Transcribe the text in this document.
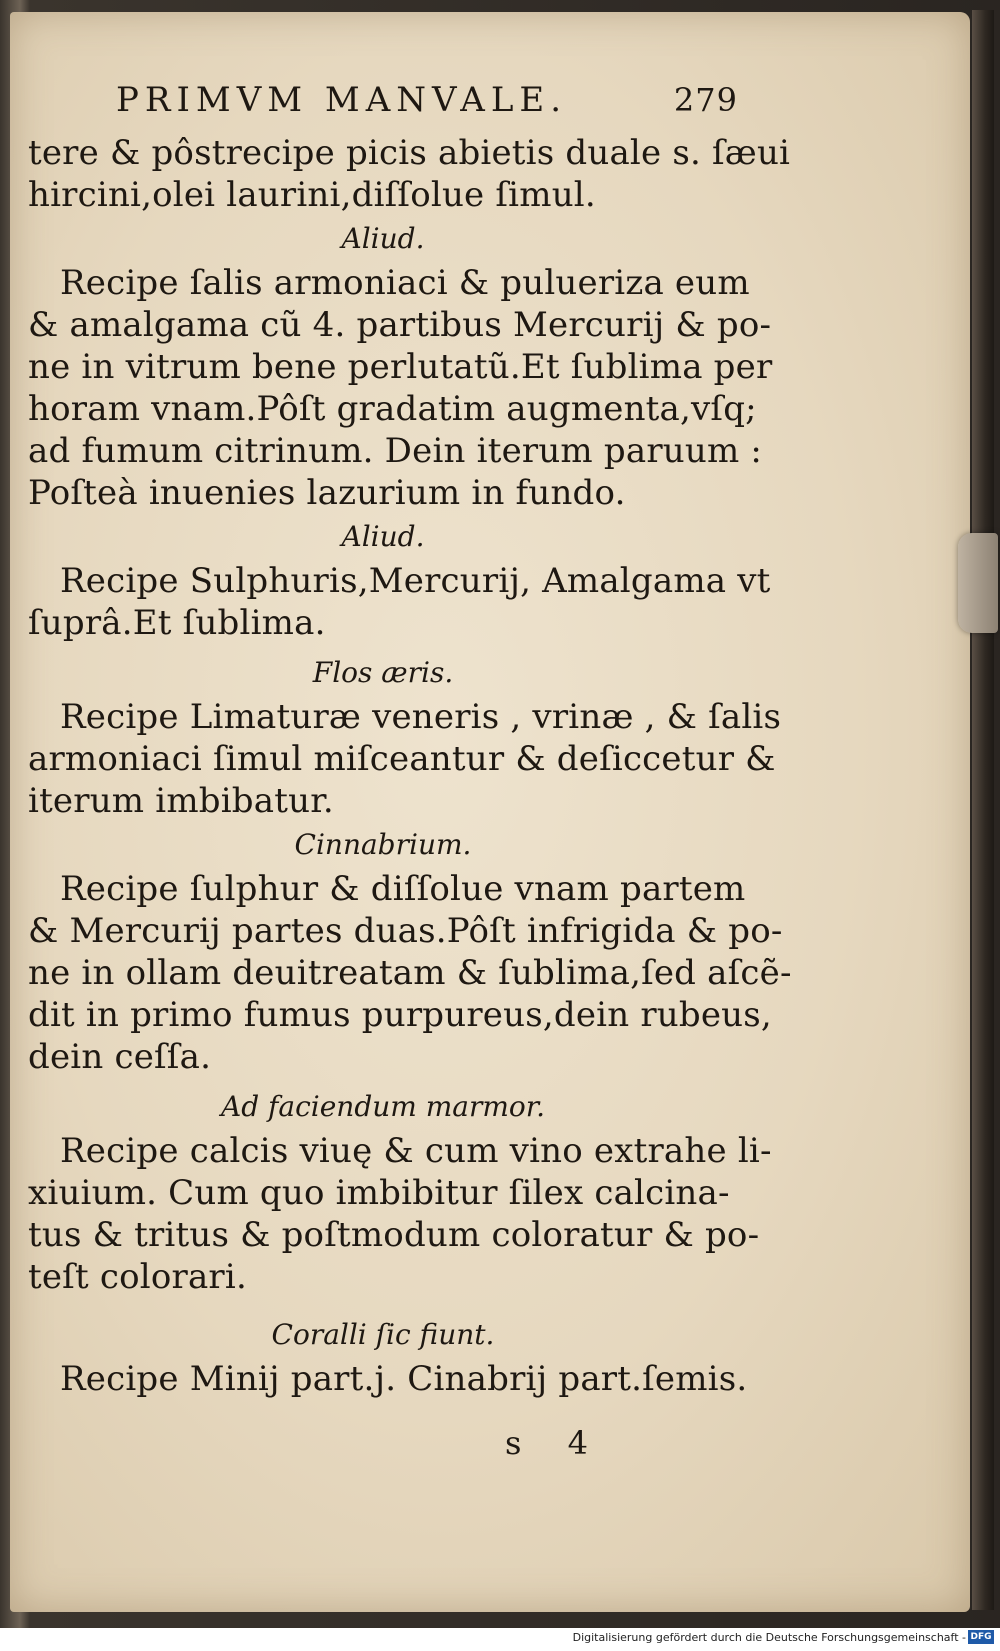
PRIMVM MANVALE.	279
tere & pôstrecipe picis abietis duale s. ſæui
hircini,olei laurini,diſſolue ſimul.
Aliud.
Recipe ſalis armoniaci & pulueriza eum
& amalgama cũ 4. partibus Mercurij & po-
ne in vitrum bene perlutatũ.Et ſublima per
horam vnam.Pôſt gradatim augmenta,vſq;
ad fumum citrinum. Dein iterum paruum :
Poſteà inuenies lazurium in fundo.
Aliud.
Recipe Sulphuris,Mercurij, Amalgama vt
ſuprâ.Et ſublima.
Flos æris.
Recipe Limaturæ veneris , vrinæ , & ſalis
armoniaci ſimul miſceantur & deſiccetur &
iterum imbibatur.
Cinnabrium.
Recipe ſulphur & diſſolue vnam partem
& Mercurij partes duas.Pôſt infrigida & po-
ne in ollam deuitreatam & ſublima,ſed aſcẽ-
dit in primo fumus purpureus,dein rubeus,
dein ceſſa.
Ad faciendum marmor.
Recipe calcis viuę & cum vino extrahe li-
xiuium. Cum quo imbibitur ſilex calcina-
tus & tritus & poſtmodum coloratur & po-
teſt colorari.
Coralli ſic fiunt.
Recipe Minij part.j. Cinabrij part.ſemis.
s 4
Digitalisierung gefördert durch die Deutsche Forschungsgemeinschaft - DFG
